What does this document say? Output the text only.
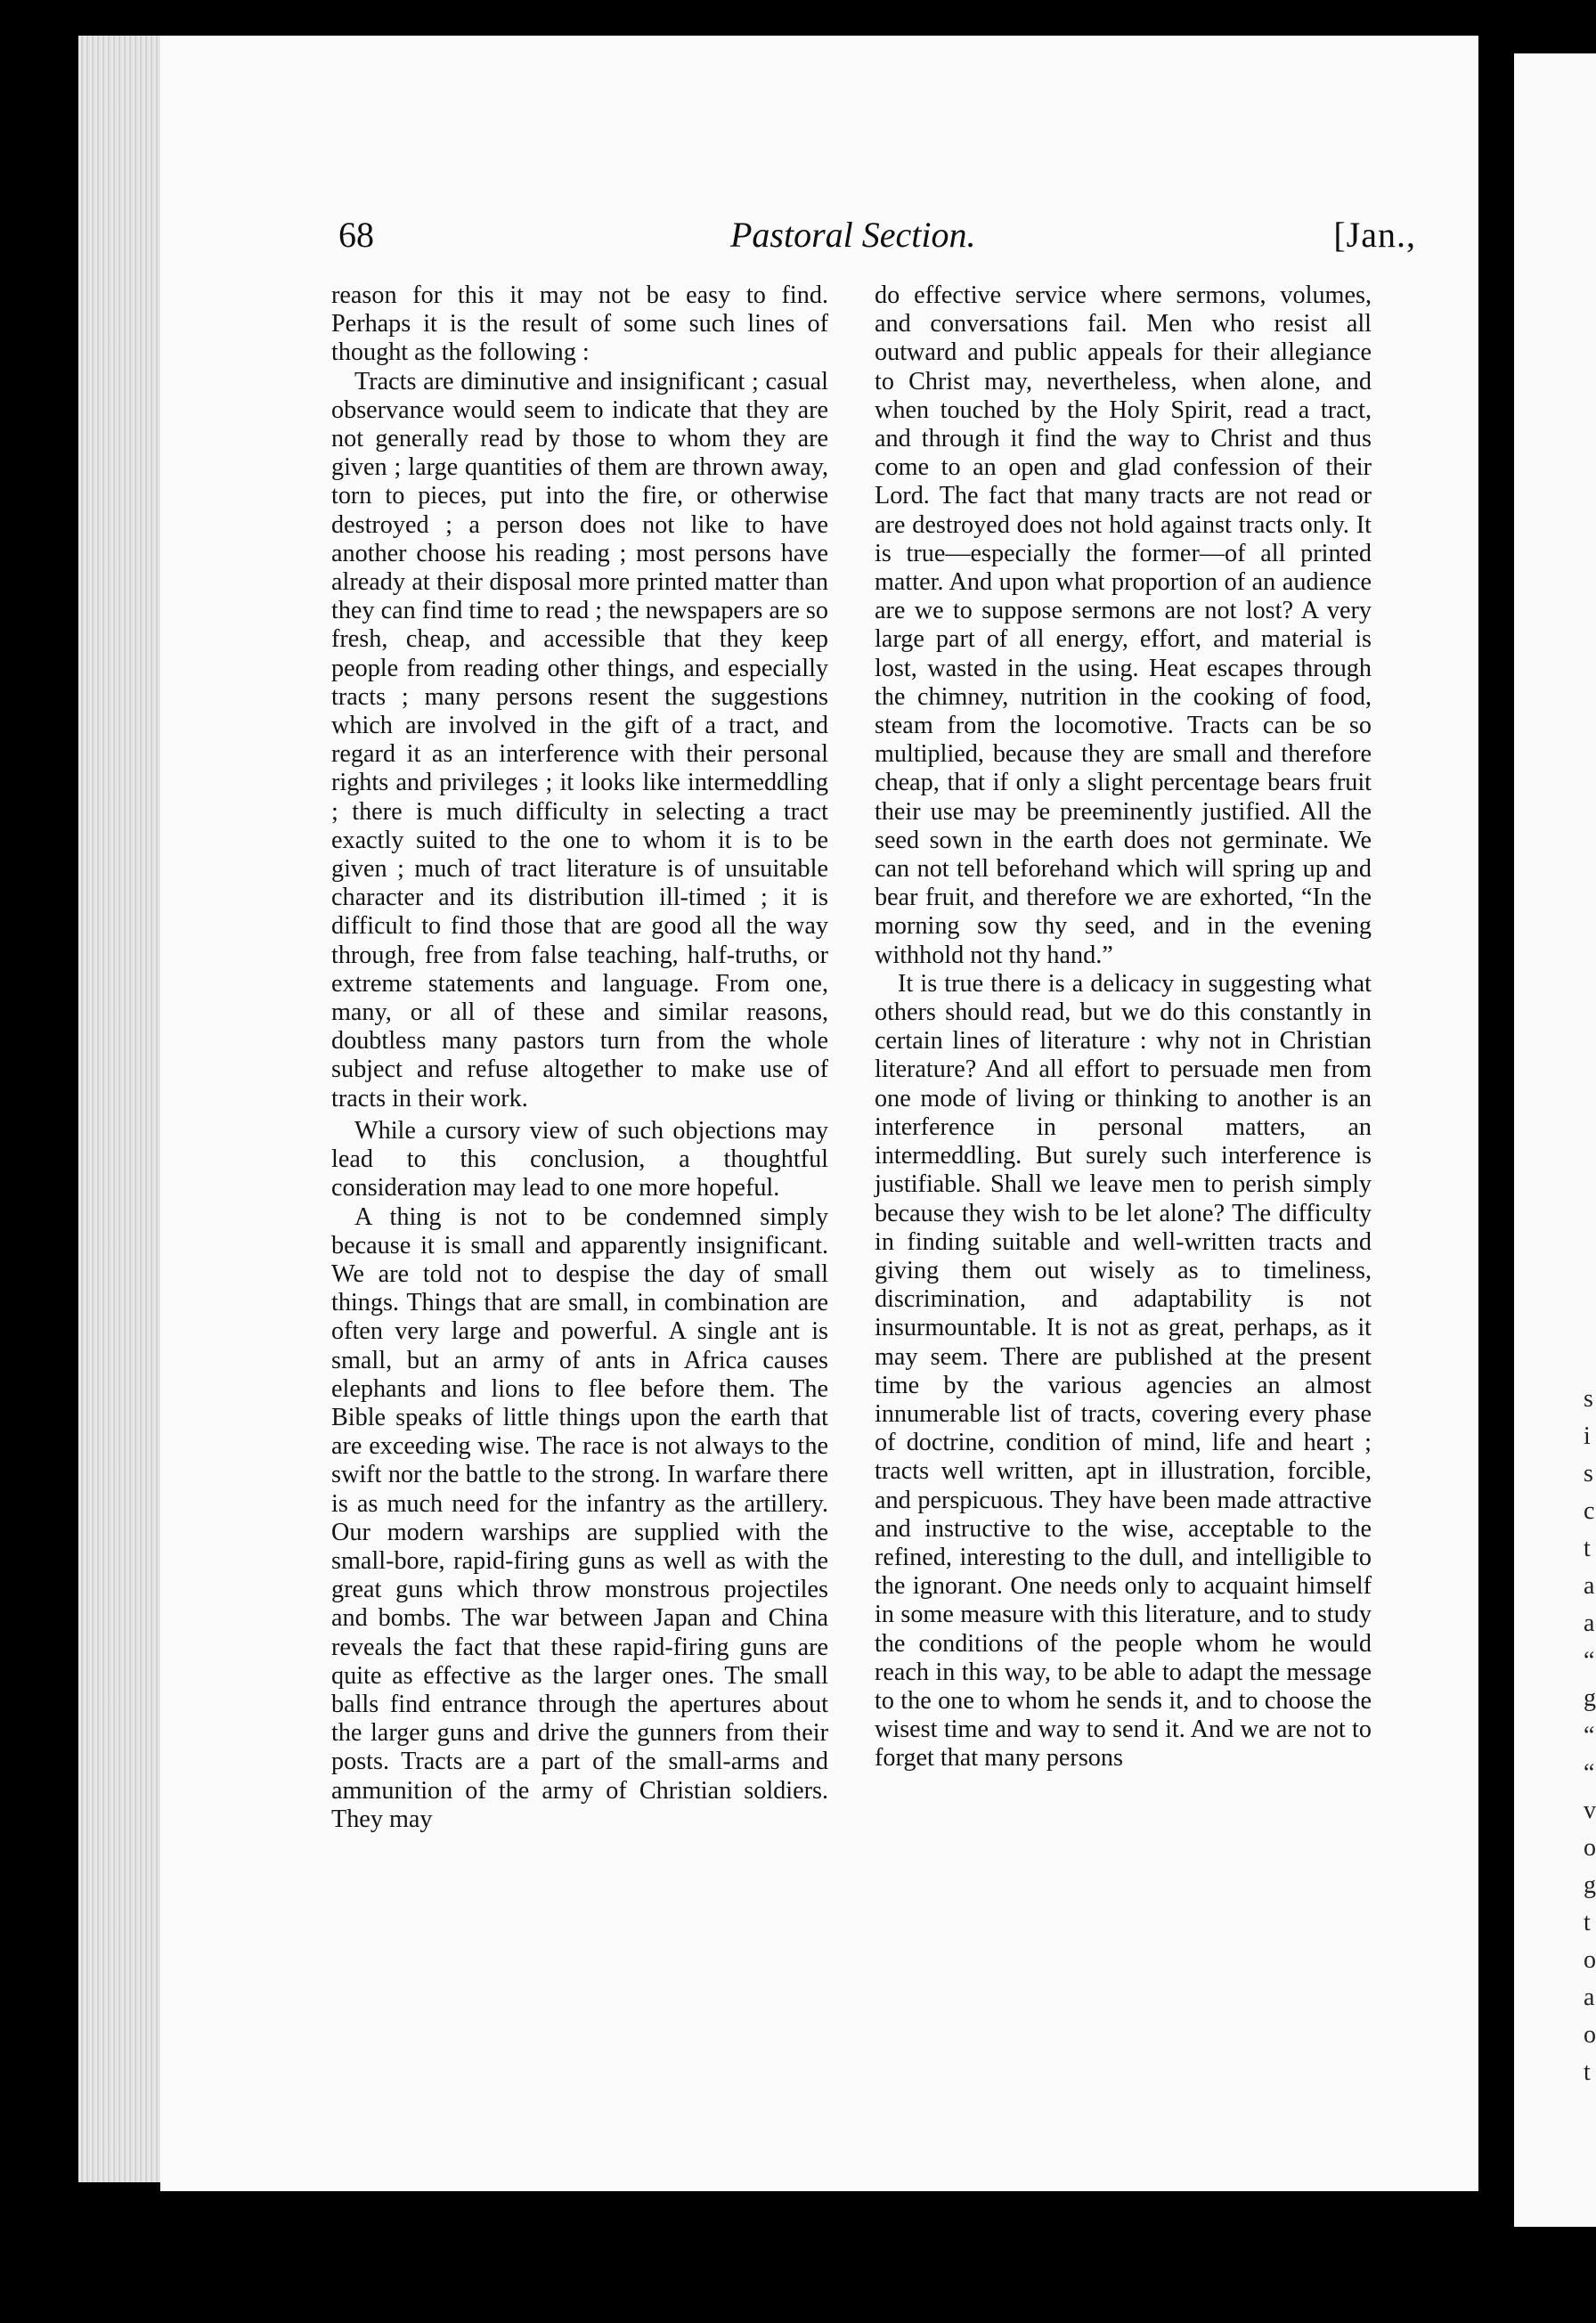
s
i
s
c
t
a
a
“
g
“
“
v
o
g
t
o
a
o
t
68	Pastoral Section.	[Jan.,

reason for this it may not be easy to find. Perhaps it is the result of some such lines of thought as the following :

Tracts are diminutive and insignificant ; casual observance would seem to indicate that they are not generally read by those to whom they are given ; large quantities of them are thrown away, torn to pieces, put into the fire, or otherwise destroyed ; a person does not like to have another choose his reading ; most persons have already at their disposal more printed matter than they can find time to read ; the newspapers are so fresh, cheap, and accessible that they keep people from reading other things, and especially tracts ; many persons resent the suggestions which are involved in the gift of a tract, and regard it as an interference with their personal rights and privileges ; it looks like intermeddling ; there is much difficulty in selecting a tract exactly suited to the one to whom it is to be given ; much of tract literature is of unsuitable character and its distribution ill-timed ; it is difficult to find those that are good all the way through, free from false teaching, half-truths, or extreme statements and language. From one, many, or all of these and similar reasons, doubtless many pastors turn from the whole subject and refuse altogether to make use of tracts in their work.

While a cursory view of such objections may lead to this conclusion, a thoughtful consideration may lead to one more hopeful.

A thing is not to be condemned simply because it is small and apparently insignificant. We are told not to despise the day of small things. Things that are small, in combination are often very large and powerful. A single ant is small, but an army of ants in Africa causes elephants and lions to flee before them. The Bible speaks of little things upon the earth that are exceeding wise. The race is not always to the swift nor the battle to the strong. In warfare there is as much need for the infantry as the artillery. Our modern warships are supplied with the small-bore, rapid-firing guns as well as with the great guns which throw monstrous projectiles and bombs. The war between Japan and China reveals the fact that these rapid-firing guns are quite as effective as the larger ones. The small balls find entrance through the apertures about the larger guns and drive the gunners from their posts. Tracts are a part of the small-arms and ammunition of the army of Christian soldiers. They may

do effective service where sermons, volumes, and conversations fail. Men who resist all outward and public appeals for their allegiance to Christ may, nevertheless, when alone, and when touched by the Holy Spirit, read a tract, and through it find the way to Christ and thus come to an open and glad confession of their Lord. The fact that many tracts are not read or are destroyed does not hold against tracts only. It is true—especially the former—of all printed matter. And upon what proportion of an audience are we to suppose sermons are not lost? A very large part of all energy, effort, and material is lost, wasted in the using. Heat escapes through the chimney, nutrition in the cooking of food, steam from the locomotive. Tracts can be so multiplied, because they are small and therefore cheap, that if only a slight percentage bears fruit their use may be preeminently justified. All the seed sown in the earth does not germinate. We can not tell beforehand which will spring up and bear fruit, and therefore we are exhorted, “In the morning sow thy seed, and in the evening withhold not thy hand.”

It is true there is a delicacy in suggesting what others should read, but we do this constantly in certain lines of literature : why not in Christian literature? And all effort to persuade men from one mode of living or thinking to another is an interference in personal matters, an intermeddling. But surely such interference is justifiable. Shall we leave men to perish simply because they wish to be let alone? The difficulty in finding suitable and well-written tracts and giving them out wisely as to timeliness, discrimination, and adaptability is not insurmountable. It is not as great, perhaps, as it may seem. There are published at the present time by the various agencies an almost innumerable list of tracts, covering every phase of doctrine, condition of mind, life and heart ; tracts well written, apt in illustration, forcible, and perspicuous. They have been made attractive and instructive to the wise, acceptable to the refined, interesting to the dull, and intelligible to the ignorant. One needs only to acquaint himself in some measure with this literature, and to study the conditions of the people whom he would reach in this way, to be able to adapt the message to the one to whom he sends it, and to choose the wisest time and way to send it. And we are not to forget that many persons
